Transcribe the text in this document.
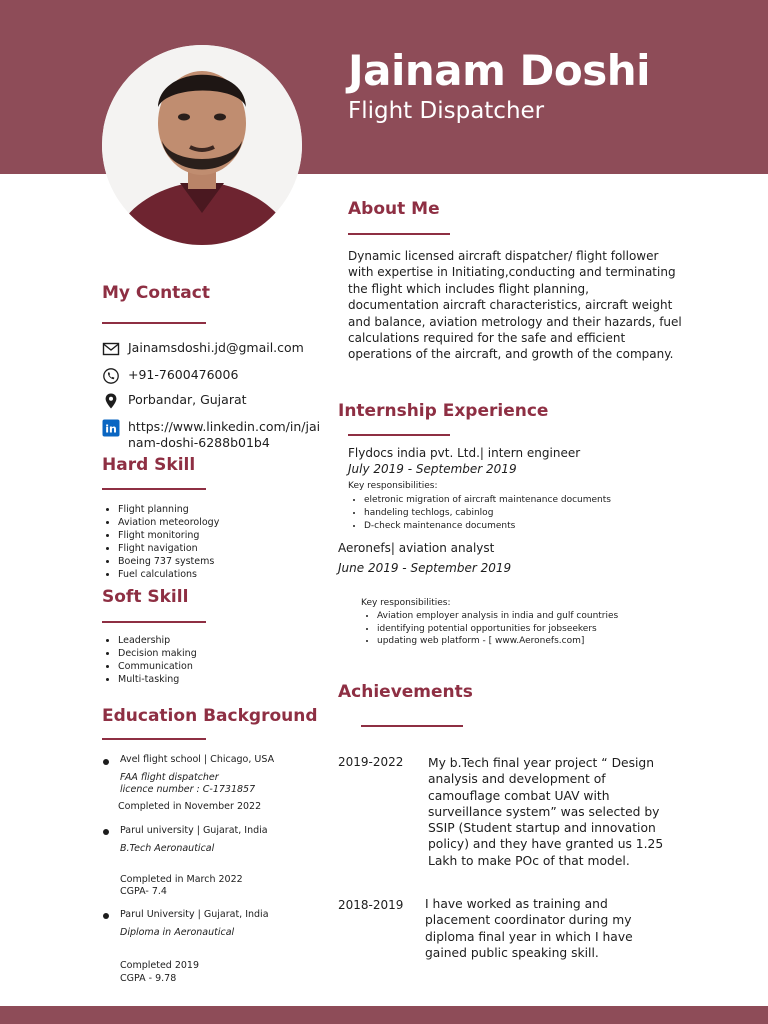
Jainam Doshi
Flight Dispatcher
About Me
Dynamic licensed aircraft dispatcher/ flight follower
with expertise in Initiating,conducting and terminating
the flight which includes flight planning,
documentation aircraft characteristics, aircraft weight
and balance, aviation metrology and their hazards, fuel
calculations required for the safe and efficient
operations of the aircraft, and growth of the company.
My Contact
Jainamsdoshi.jd@gmail.com
+91-7600476006
Porbandar, Gujarat
in https://www.linkedin.com/in/jai
nam-doshi-6288b01b4
Hard Skill
• Flight planning
• Aviation meteorology
• Flight monitoring
• Flight navigation
• Boeing 737 systems
• Fuel calculations
Soft Skill
• Leadership
• Decision making
• Communication
• Multi-tasking
Education Background
Avel flight school | Chicago, USA
FAA flight dispatcher
licence number : C-1731857
Completed in November 2022
Parul university | Gujarat, India
B.Tech Aeronautical
Completed in March 2022
CGPA- 7.4
Parul University | Gujarat, India
Diploma in Aeronautical
Completed 2019
CGPA - 9.78
Internship Experience
Flydocs india pvt. Ltd.| intern engineer
July 2019 - September 2019
Key responsibilities:
• eletronic migration of aircraft maintenance documents
• handeling techlogs, cabinlog
• D-check maintenance documents
Aeronefs| aviation analyst
June 2019 - September 2019
Key responsibilities:
• Aviation employer analysis in india and gulf countries
• identifying potential opportunities for jobseekers
• updating web platform - [ www.Aeronefs.com]
Achievements
2019-2022 My b.Tech final year project “ Design
analysis and development of
camouflage combat UAV with
surveillance system” was selected by
SSIP (Student startup and innovation
policy) and they have granted us 1.25
Lakh to make POc of that model.
2018-2019 I have worked as training and
placement coordinator during my
diploma final year in which I have
gained public speaking skill.
